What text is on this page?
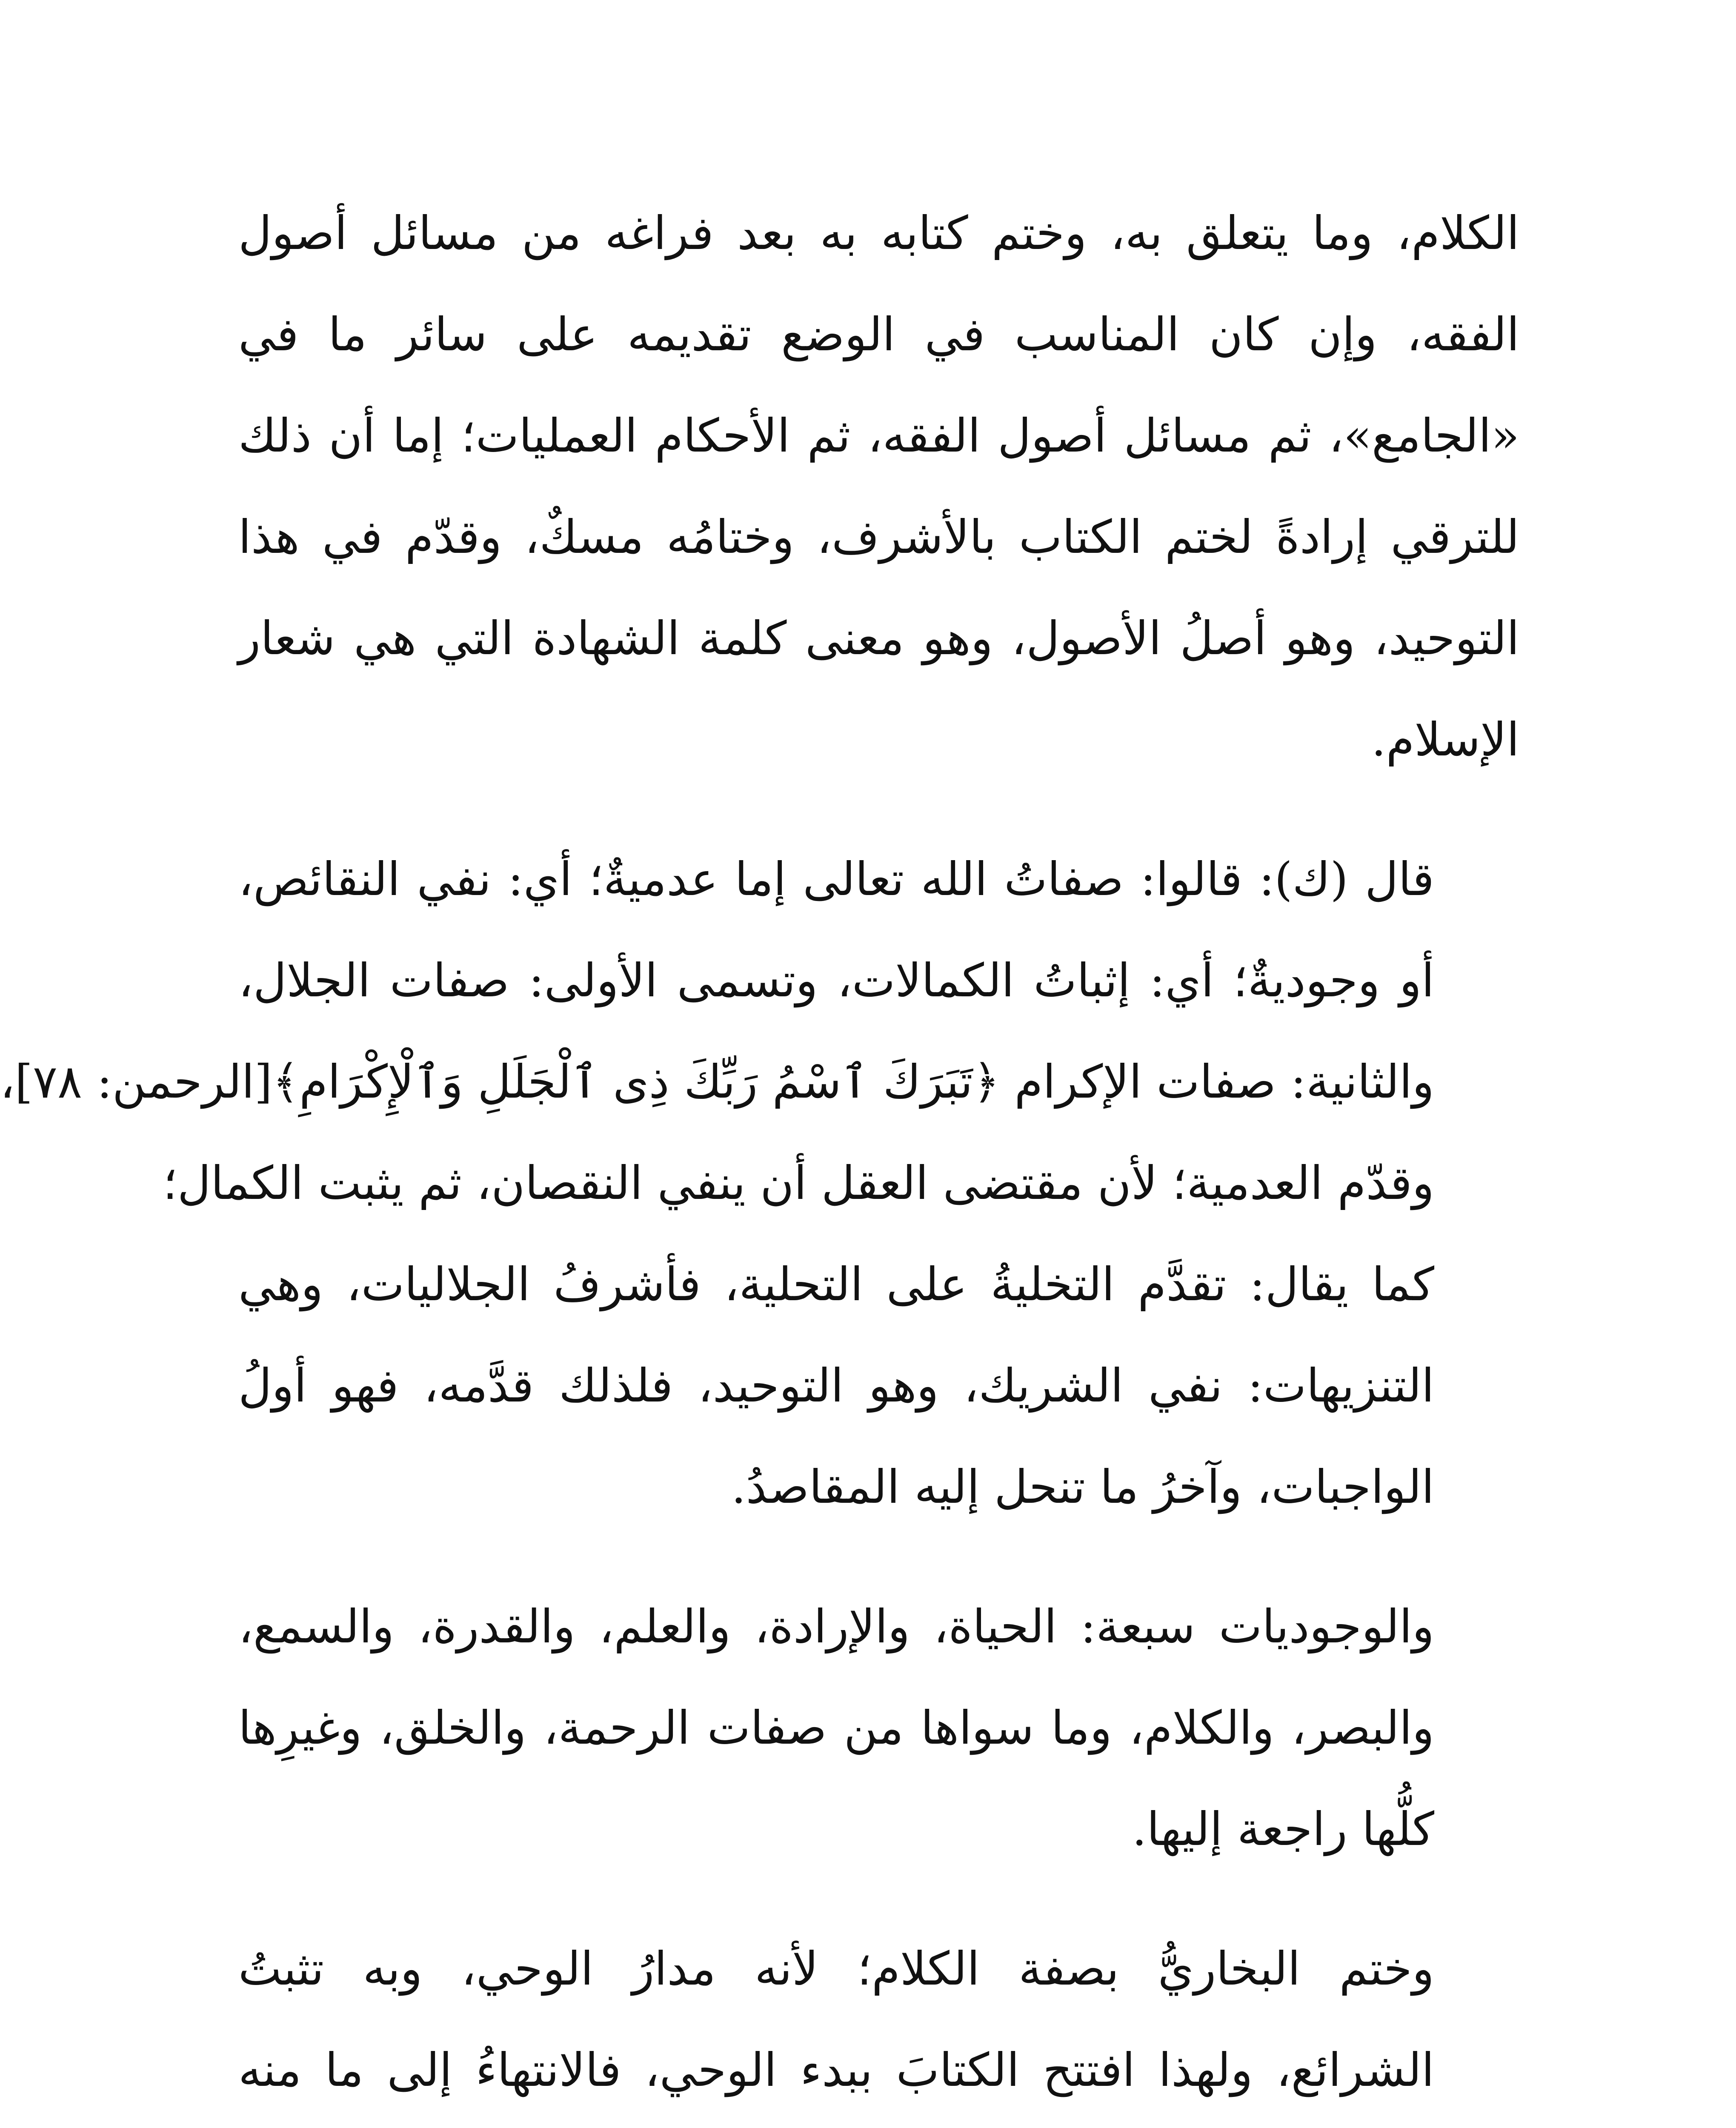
الكلام، وما يتعلق به، وختم كتابه به بعد فراغه من مسائل أصول
الفقه، وإن كان المناسب في الوضع تقديمه على سائر ما في
«الجامع»، ثم مسائل أصول الفقه، ثم الأحكام العمليات؛ إما أن ذلك
للترقي إرادةً لختم الكتاب بالأشرف، وختامُه مسكٌ، وقدّم في هذا
التوحيد، وهو أصلُ الأصول، وهو معنى كلمة الشهادة التي هي شعار
الإسلام.
قال (ك): قالوا: صفاتُ الله تعالى إما عدميةٌ؛ أي: نفي النقائص،
أو وجوديةٌ؛ أي: إثباتُ الكمالات، وتسمى الأولى: صفات الجلال،
والثانية: صفات الإكرام ﴿تَبَرَكَ ٱسْمُ رَبِّكَ ذِى ٱلْجَلَلِ وَٱلْإِكْرَامِ﴾[الرحمن: ٧٨]،
وقدّم العدمية؛ لأن مقتضى العقل أن ينفي النقصان، ثم يثبت الكمال؛
كما يقال: تقدَّم التخليةُ على التحلية، فأشرفُ الجلاليات، وهي
التنزيهات: نفي الشريك، وهو التوحيد، فلذلك قدَّمه، فهو أولُ
الواجبات، وآخرُ ما تنحل إليه المقاصدُ.
والوجوديات سبعة: الحياة، والإرادة، والعلم، والقدرة، والسمع،
والبصر، والكلام، وما سواها من صفات الرحمة، والخلق، وغيرِها
كلُّها راجعة إليها.
وختم البخاريُّ بصفة الكلام؛ لأنه مدارُ الوحي، وبه تثبتُ
الشرائع، ولهذا افتتح الكتابَ ببدء الوحي، فالانتهاءُ إلى ما منه
